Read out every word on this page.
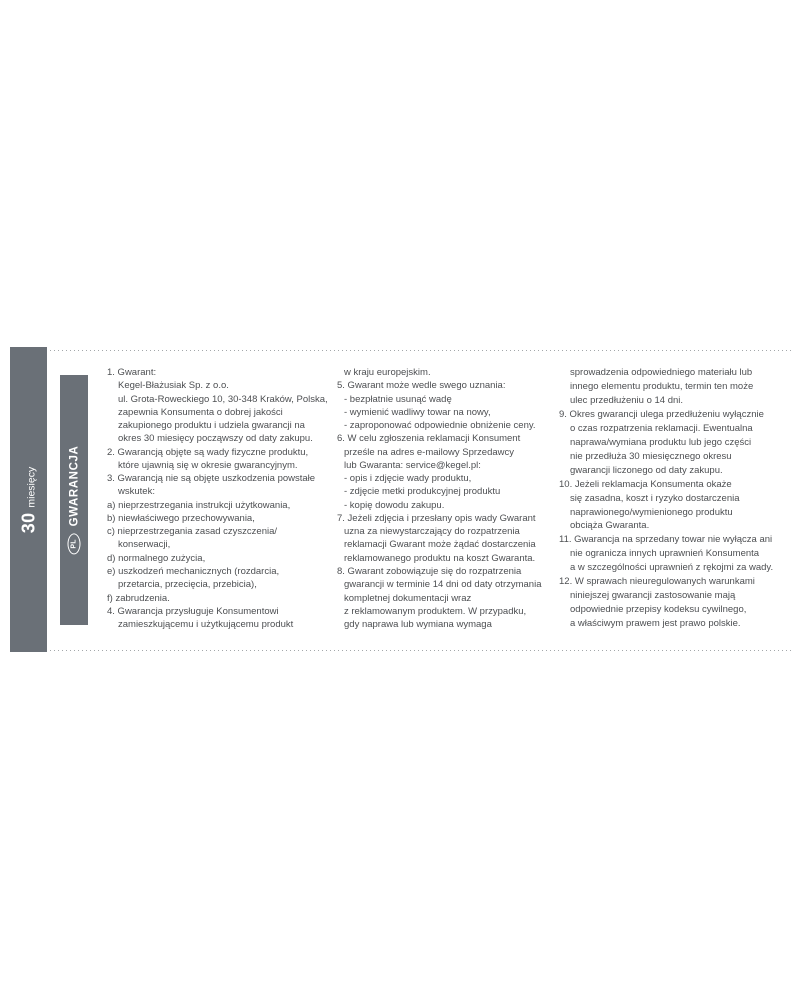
30
miesięcy
PL
GWARANCJA
1. Gwarant:
Kegel-Błażusiak Sp. z o.o.
ul. Grota-Roweckiego 10, 30-348 Kraków, Polska,
zapewnia Konsumenta o dobrej jakości
zakupionego produktu i udziela gwarancji na
okres 30 miesięcy począwszy od daty zakupu.
2. Gwarancją objęte są wady fizyczne produktu,
które ujawnią się w okresie gwarancyjnym.
3. Gwarancją nie są objęte uszkodzenia powstałe
wskutek:
a) nieprzestrzegania instrukcji użytkowania,
b) niewłaściwego przechowywania,
c) nieprzestrzegania zasad czyszczenia/
konserwacji,
d) normalnego zużycia,
e) uszkodzeń mechanicznych (rozdarcia,
przetarcia, przecięcia, przebicia),
f) zabrudzenia.
4. Gwarancja przysługuje Konsumentowi
zamieszkującemu i użytkującemu produkt
w kraju europejskim.
5. Gwarant może wedle swego uznania:
- bezpłatnie usunąć wadę
- wymienić wadliwy towar na nowy,
- zaproponować odpowiednie obniżenie ceny.
6. W celu zgłoszenia reklamacji Konsument
prześle na adres e-mailowy Sprzedawcy
lub Gwaranta: service@kegel.pl:
- opis i zdjęcie wady produktu,
- zdjęcie metki produkcyjnej produktu
- kopię dowodu zakupu.
7. Jeżeli zdjęcia i przesłany opis wady Gwarant
uzna za niewystarczający do rozpatrzenia
reklamacji Gwarant może żądać dostarczenia
reklamowanego produktu na koszt Gwaranta.
8. Gwarant zobowiązuje się do rozpatrzenia
gwarancji w terminie 14 dni od daty otrzymania
kompletnej dokumentacji wraz
z reklamowanym produktem. W przypadku,
gdy naprawa lub wymiana wymaga
sprowadzenia odpowiedniego materiału lub
innego elementu produktu, termin ten może
ulec przedłużeniu o 14 dni.
9. Okres gwarancji ulega przedłużeniu wyłącznie
o czas rozpatrzenia reklamacji. Ewentualna
naprawa/wymiana produktu lub jego części
nie przedłuża 30 miesięcznego okresu
gwarancji liczonego od daty zakupu.
10. Jeżeli reklamacja Konsumenta okaże
się zasadna, koszt i ryzyko dostarczenia
naprawionego/wymienionego produktu
obciąża Gwaranta.
11. Gwarancja na sprzedany towar nie wyłącza ani
nie ogranicza innych uprawnień Konsumenta
a w szczególności uprawnień z rękojmi za wady.
12. W sprawach nieuregulowanych warunkami
niniejszej gwarancji zastosowanie mają
odpowiednie przepisy kodeksu cywilnego,
a właściwym prawem jest prawo polskie.
